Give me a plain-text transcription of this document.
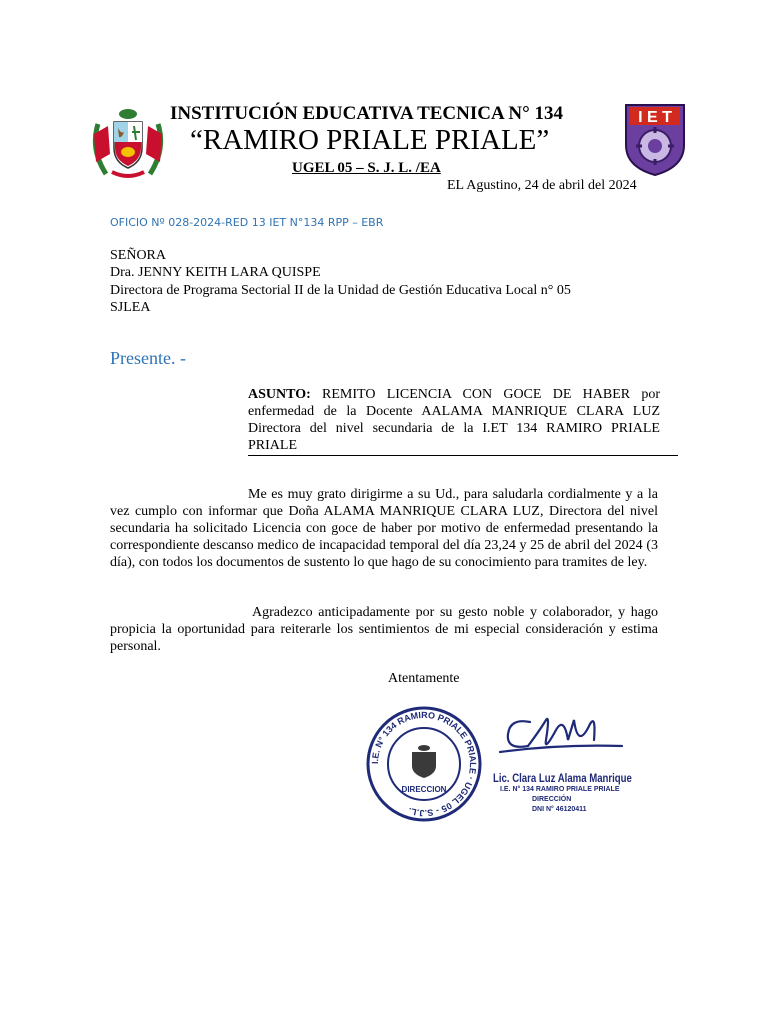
INSTITUCIÓN EDUCATIVA TECNICA N° 134
“RAMIRO PRIALE PRIALE”
UGEL 05 – S. J. L. /EA
I E T
EL Agustino, 24 de abril del 2024
OFICIO Nº 028-2024-RED 13 IET N°134 RPP – EBR
SEÑORA
Dra. JENNY KEITH LARA QUISPE
Directora de Programa Sectorial II de la Unidad de Gestión Educativa Local n° 05
SJLEA
Presente. -
ASUNTO: REMITO LICENCIA CON GOCE DE HABER por enfermedad de la Docente AALAMA MANRIQUE CLARA LUZ Directora del nivel secundaria de la I.ET 134 RAMIRO PRIALE PRIALE
Me es muy grato dirigirme a su Ud., para saludarla cordialmente y a la vez cumplo con informar que Doña ALAMA MANRIQUE CLARA LUZ, Directora del nivel secundaria ha solicitado Licencia con goce de haber por motivo de enfermedad presentando la correspondiente descanso medico de incapacidad temporal del día 23,24 y 25 de abril del 2024 (3 día), con todos los documentos de sustento lo que hago de su conocimiento para tramites de ley.
Agradezco anticipadamente por su gesto noble y colaborador, y hago propicia la oportunidad para reiterarle los sentimientos de mi especial consideración y estima personal.
Atentamente
I.E. N° 134 RAMIRO PRIALE PRIALE · UGEL 05 - S.J.L.
DIRECCION
Lic. Clara Luz Alama Manrique
I.E. N° 134 RAMIRO PRIALE PRIALE
DIRECCIÓN
DNI N° 46120411
